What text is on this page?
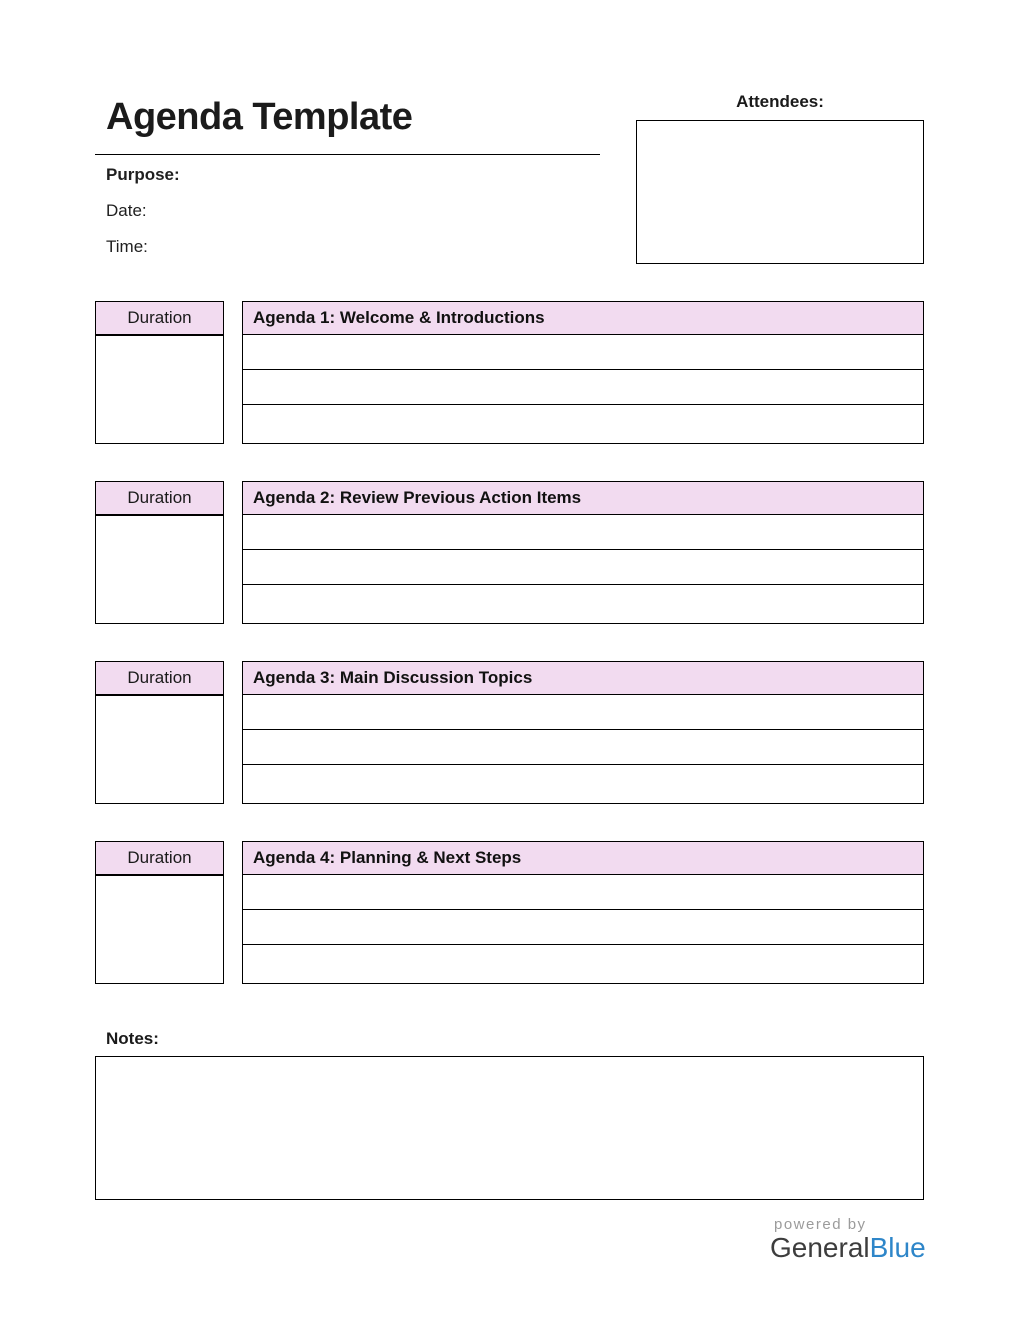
Agenda Template
Purpose:
Date:
Time:
Attendees:
Duration	Agenda 1: Welcome & Introductions
Duration	Agenda 2: Review Previous Action Items
Duration	Agenda 3: Main Discussion Topics
Duration	Agenda 4: Planning & Next Steps
Notes:
powered by
GeneralBlue
